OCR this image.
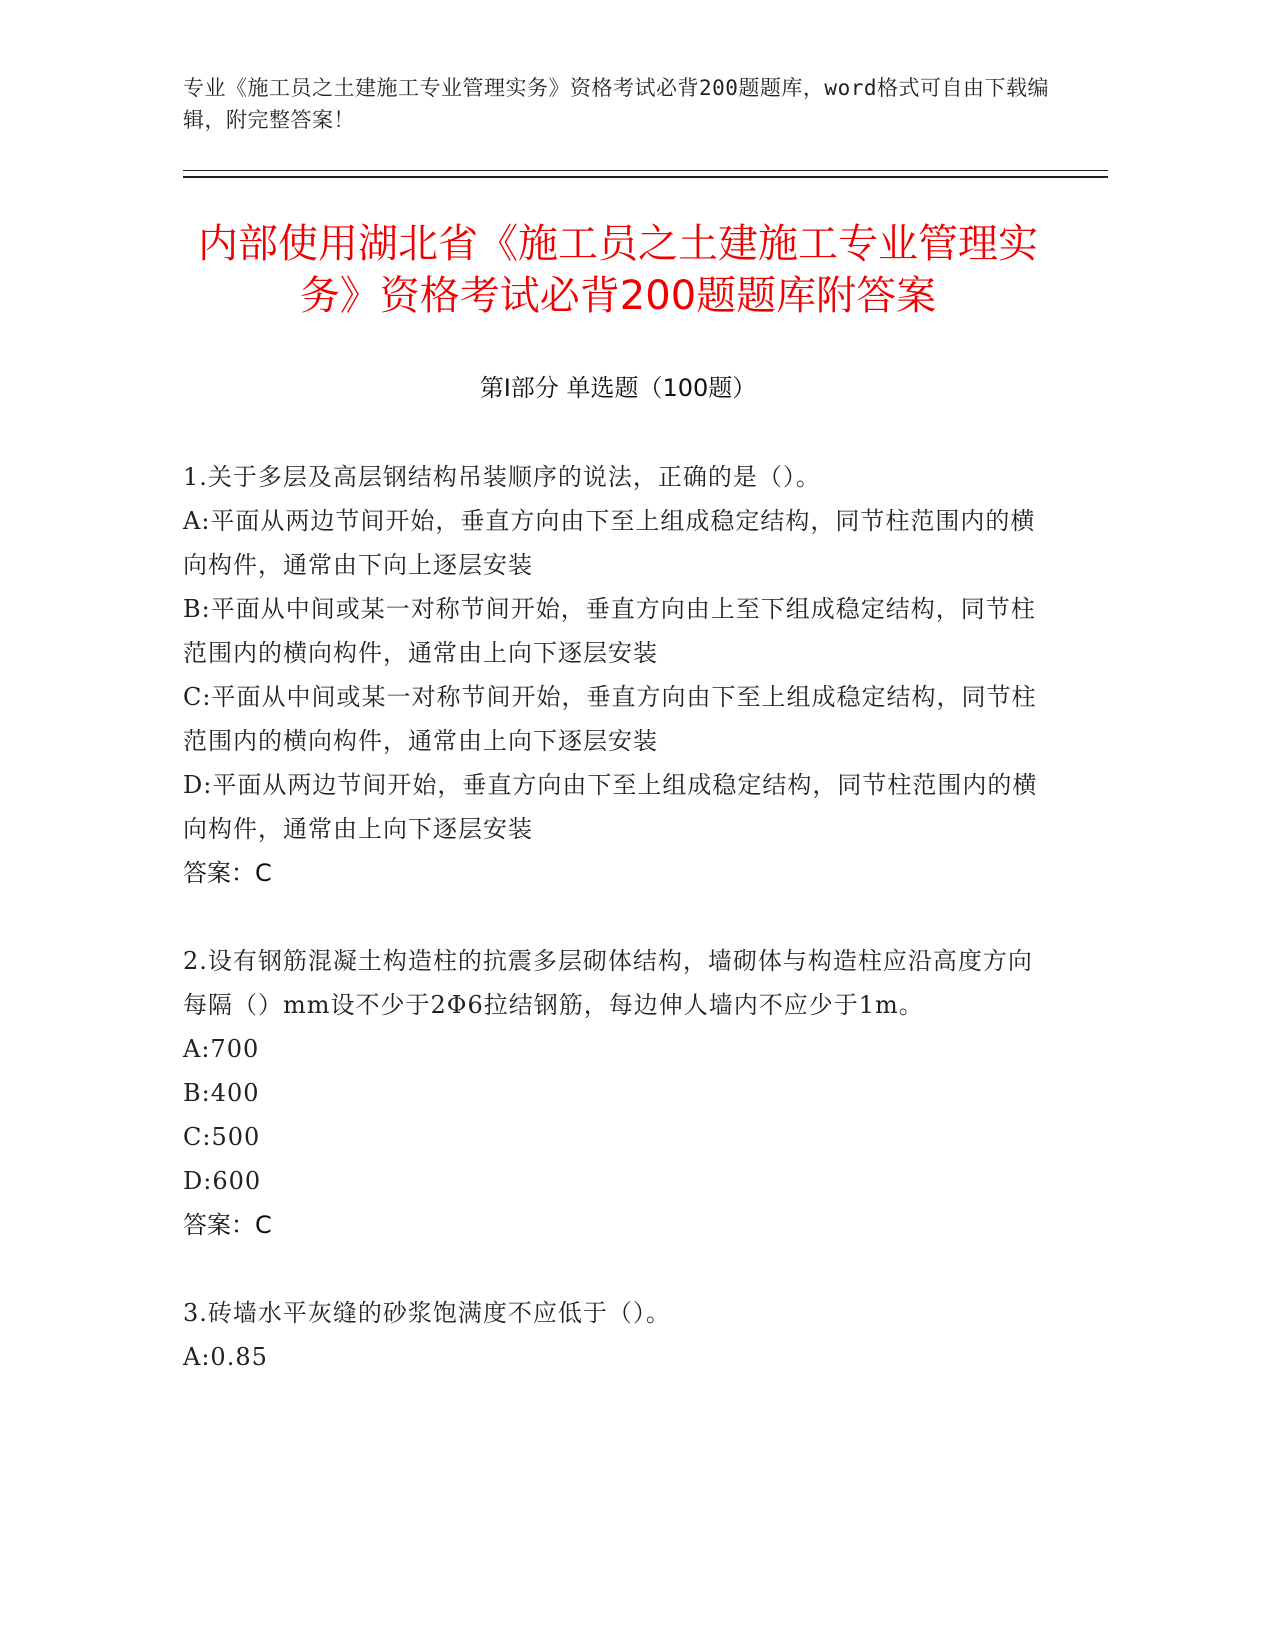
专业《施工员之土建施工专业管理实务》资格考试必背200题题库，word格式可自由下载编辑，附完整答案！
内部使用湖北省《施工员之土建施工专业管理实务》资格考试必背200题题库附答案
第Ⅰ部分 单选题（100题）
1.关于多层及高层钢结构吊装顺序的说法，正确的是（）。
A:平面从两边节间开始，垂直方向由下至上组成稳定结构，同节柱范围内的横向构件，通常由下向上逐层安装
B:平面从中间或某一对称节间开始，垂直方向由上至下组成稳定结构，同节柱范围内的横向构件，通常由上向下逐层安装
C:平面从中间或某一对称节间开始，垂直方向由下至上组成稳定结构，同节柱范围内的横向构件，通常由上向下逐层安装
D:平面从两边节间开始，垂直方向由下至上组成稳定结构，同节柱范围内的横向构件，通常由上向下逐层安装
答案：C
2.设有钢筋混凝土构造柱的抗震多层砌体结构，墙砌体与构造柱应沿高度方向每隔（）mm设不少于2Φ6拉结钢筋，每边伸人墙内不应少于1m。
A:700
B:400
C:500
D:600
答案：C
3.砖墙水平灰缝的砂浆饱满度不应低于（）。
A:0.85
